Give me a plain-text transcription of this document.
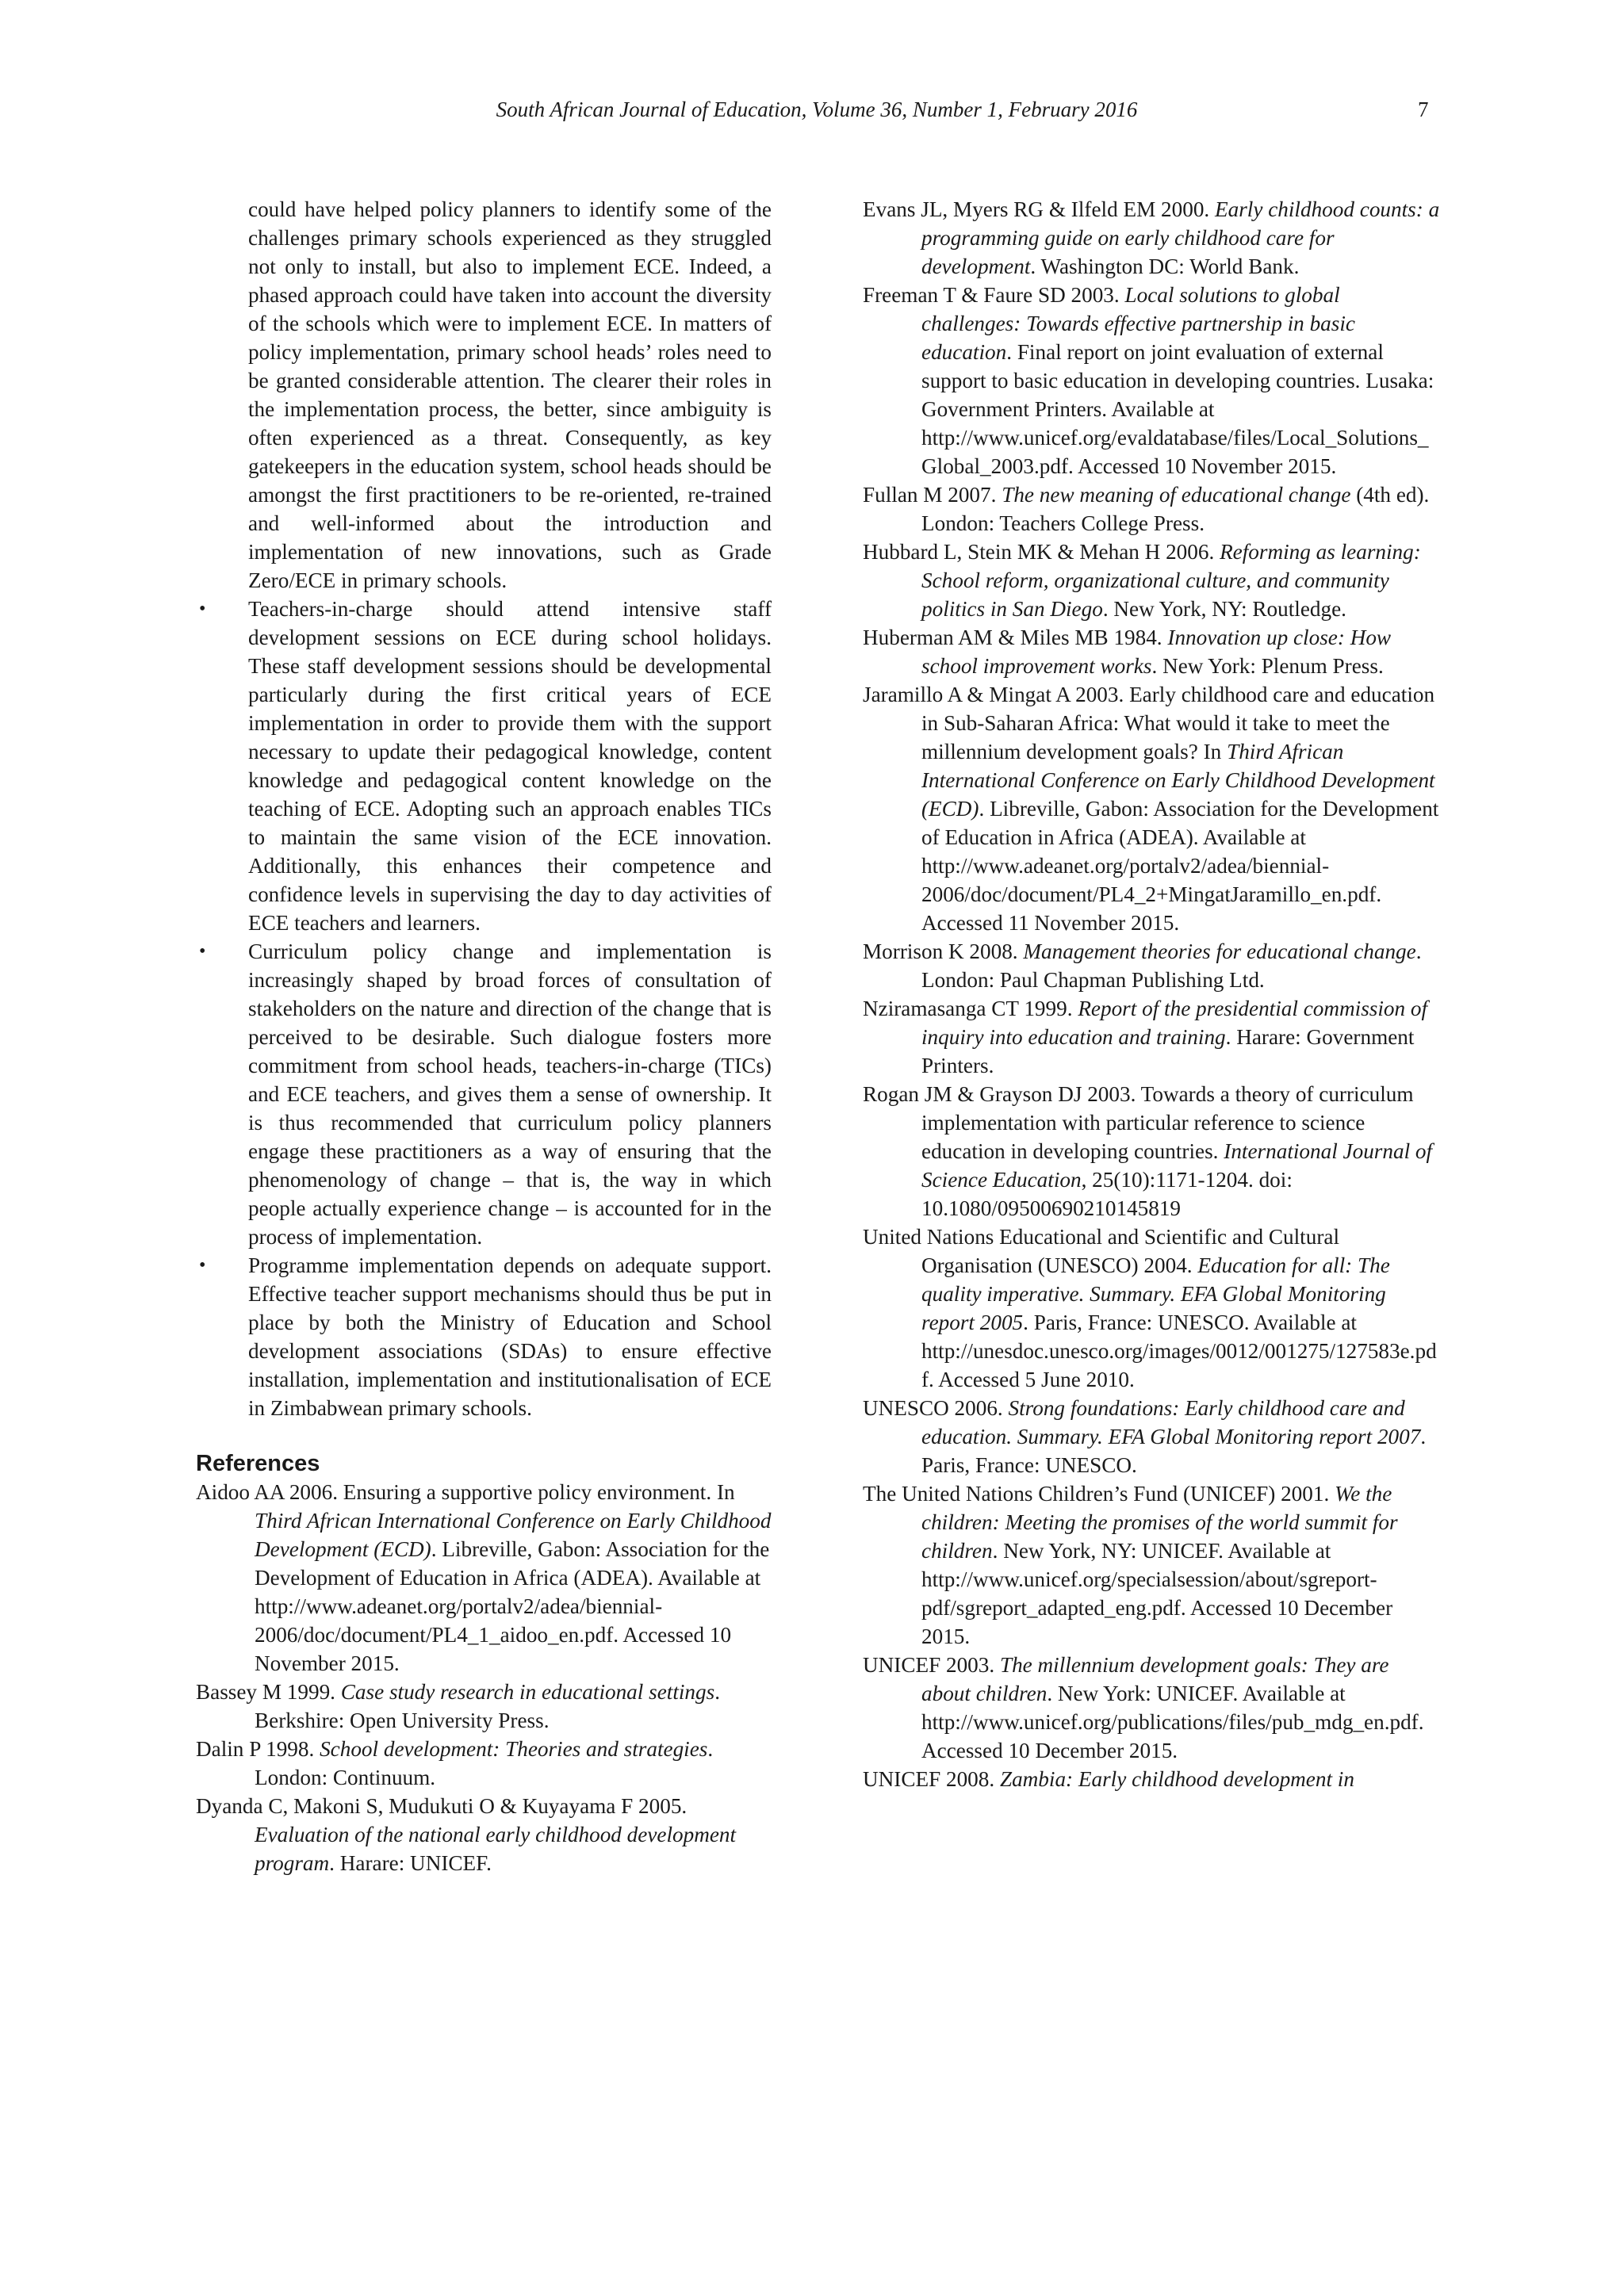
South African Journal of Education, Volume 36, Number 1, February 2016	7

could have helped policy planners to identify some of the challenges primary schools experienced as they struggled not only to install, but also to implement ECE. Indeed, a phased approach could have taken into account the diversity of the schools which were to implement ECE. In matters of policy implementation, primary school heads’ roles need to be granted considerable attention. The clearer their roles in the implementation process, the better, since ambiguity is often experienced as a threat. Consequently, as key gatekeepers in the education system, school heads should be amongst the first practitioners to be re-oriented, re-trained and well-informed about the introduction and implementation of new innovations, such as Grade Zero/ECE in primary schools.

• Teachers-in-charge should attend intensive staff development sessions on ECE during school holidays. These staff development sessions should be developmental particularly during the first critical years of ECE implementation in order to provide them with the support necessary to update their pedagogical knowledge, content knowledge and pedagogical content knowledge on the teaching of ECE. Adopting such an approach enables TICs to maintain the same vision of the ECE innovation. Additionally, this enhances their competence and confidence levels in supervising the day to day activities of ECE teachers and learners.
• Curriculum policy change and implementation is increasingly shaped by broad forces of consultation of stakeholders on the nature and direction of the change that is perceived to be desirable. Such dialogue fosters more commitment from school heads, teachers-in-charge (TICs) and ECE teachers, and gives them a sense of ownership. It is thus recommended that curriculum policy planners engage these practitioners as a way of ensuring that the phenomenology of change – that is, the way in which people actually experience change – is accounted for in the process of implementation.
• Programme implementation depends on adequate support. Effective teacher support mechanisms should thus be put in place by both the Ministry of Education and School development associations (SDAs) to ensure effective installation, implementation and institutionalisation of ECE in Zimbabwean primary schools.
References

Aidoo AA 2006. Ensuring a supportive policy environment. In Third African International Conference on Early Childhood Development (ECD). Libreville, Gabon: Association for the Development of Education in Africa (ADEA). Available at http://www.adeanet.org/portalv2/adea/biennial-2006/doc/document/PL4_1_aidoo_en.pdf. Accessed 10 November 2015.

Bassey M 1999. Case study research in educational settings. Berkshire: Open University Press.

Dalin P 1998. School development: Theories and strategies. London: Continuum.

Dyanda C, Makoni S, Mudukuti O & Kuyayama F 2005. Evaluation of the national early childhood development program. Harare: UNICEF.

Evans JL, Myers RG & Ilfeld EM 2000. Early childhood counts: a programming guide on early childhood care for development. Washington DC: World Bank.

Freeman T & Faure SD 2003. Local solutions to global challenges: Towards effective partnership in basic education. Final report on joint evaluation of external support to basic education in developing countries. Lusaka: Government Printers. Available at http://www.unicef.org/evaldatabase/files/Local_Solutions_Global_2003.pdf. Accessed 10 November 2015.

Fullan M 2007. The new meaning of educational change (4th ed). London: Teachers College Press.

Hubbard L, Stein MK & Mehan H 2006. Reforming as learning: School reform, organizational culture, and community politics in San Diego. New York, NY: Routledge.

Huberman AM & Miles MB 1984. Innovation up close: How school improvement works. New York: Plenum Press.

Jaramillo A & Mingat A 2003. Early childhood care and education in Sub-Saharan Africa: What would it take to meet the millennium development goals? In Third African International Conference on Early Childhood Development (ECD). Libreville, Gabon: Association for the Development of Education in Africa (ADEA). Available at http://www.adeanet.org/portalv2/adea/biennial-2006/doc/document/PL4_2+MingatJaramillo_en.pdf. Accessed 11 November 2015.

Morrison K 2008. Management theories for educational change. London: Paul Chapman Publishing Ltd.

Nziramasanga CT 1999. Report of the presidential commission of inquiry into education and training. Harare: Government Printers.

Rogan JM & Grayson DJ 2003. Towards a theory of curriculum implementation with particular reference to science education in developing countries. International Journal of Science Education, 25(10):1171-1204. doi: 10.1080/09500690210145819

United Nations Educational and Scientific and Cultural Organisation (UNESCO) 2004. Education for all: The quality imperative. Summary. EFA Global Monitoring report 2005. Paris, France: UNESCO. Available at http://unesdoc.unesco.org/images/0012/001275/127583e.pdf. Accessed 5 June 2010.

UNESCO 2006. Strong foundations: Early childhood care and education. Summary. EFA Global Monitoring report 2007. Paris, France: UNESCO.

The United Nations Children’s Fund (UNICEF) 2001. We the children: Meeting the promises of the world summit for children. New York, NY: UNICEF. Available at http://www.unicef.org/specialsession/about/sgreport-pdf/sgreport_adapted_eng.pdf. Accessed 10 December 2015.

UNICEF 2003. The millennium development goals: They are about children. New York: UNICEF. Available at http://www.unicef.org/publications/files/pub_mdg_en.pdf. Accessed 10 December 2015.

UNICEF 2008. Zambia: Early childhood development in
